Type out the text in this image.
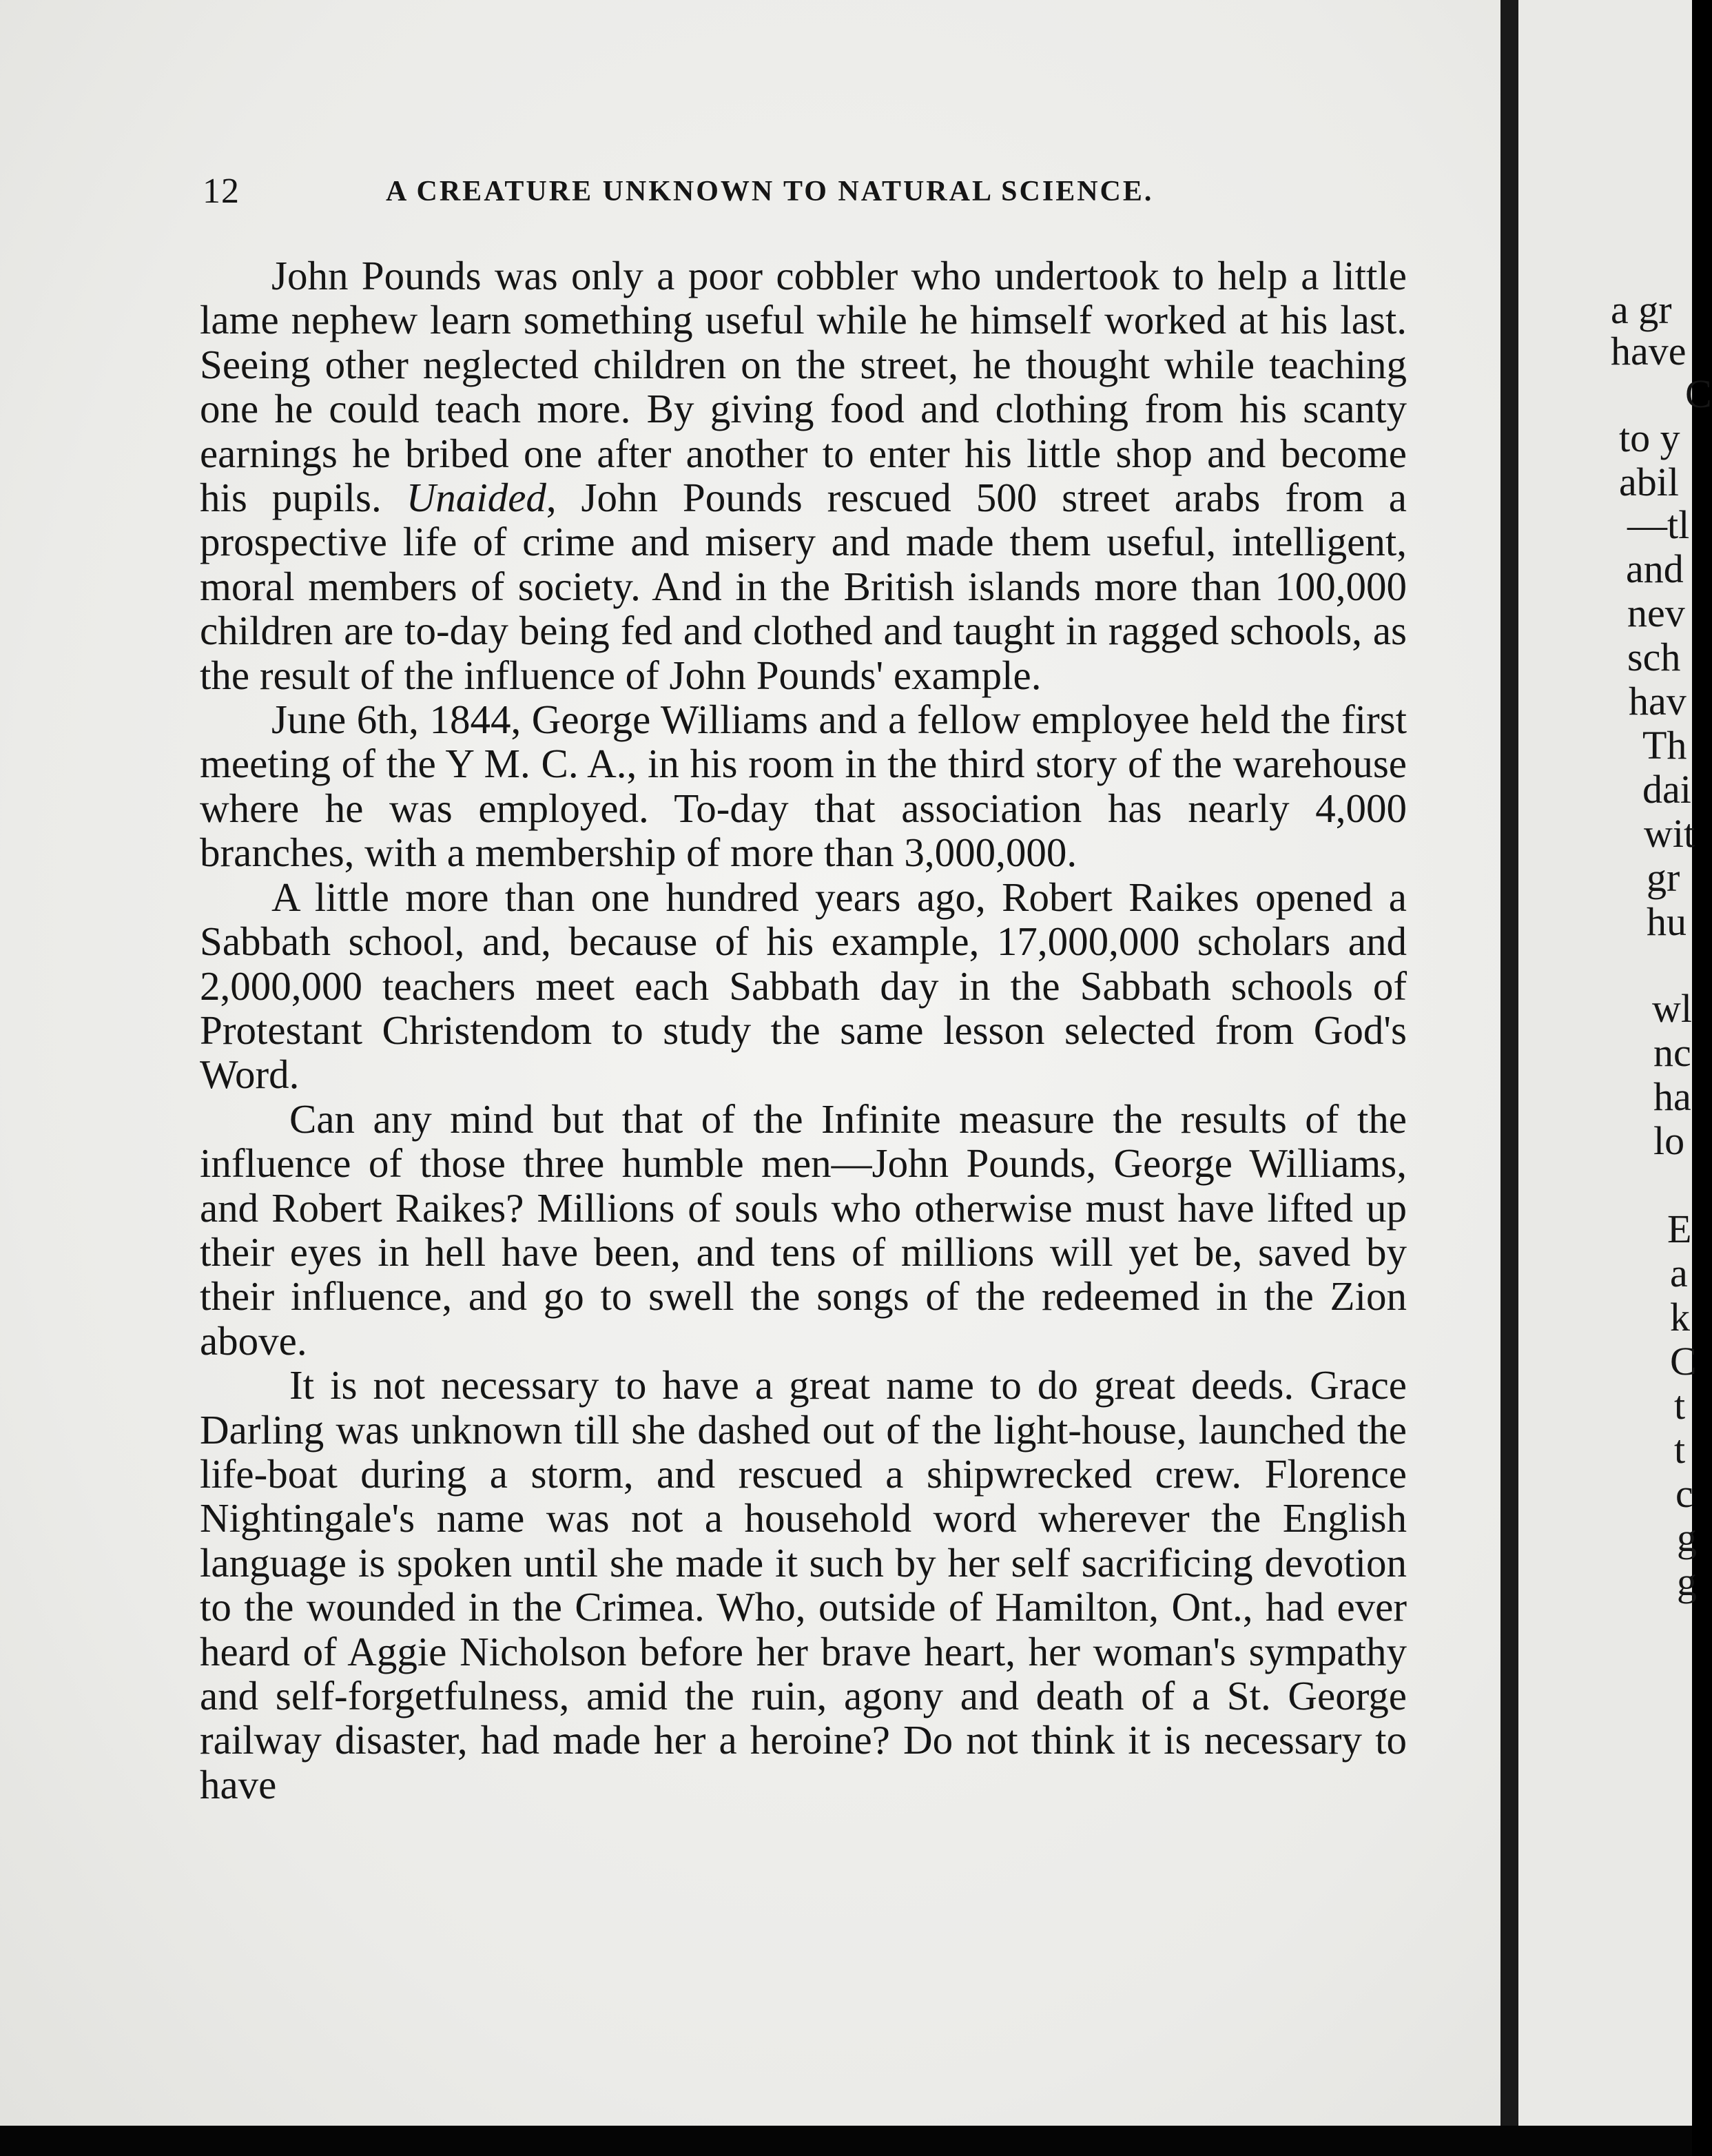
12	A CREATURE UNKNOWN TO NATURAL SCIENCE.

John Pounds was only a poor cobbler who undertook to help a little lame nephew learn something useful while he himself worked at his last. Seeing other neglected children on the street, he thought while teaching one he could teach more. By giving food and clothing from his scanty earnings he bribed one after another to enter his little shop and become his pupils. Unaided, John Pounds rescued 500 street arabs from a prospective life of crime and misery and made them useful, intelligent, moral members of society. And in the British islands more than 100,000 children are to-day being fed and clothed and taught in ragged schools, as the result of the influence of John Pounds' example.

June 6th, 1844, George Williams and a fellow employee held the first meeting of the Y M. C. A., in his room in the third story of the warehouse where he was employed. To-day that association has nearly 4,000 branches, with a membership of more than 3,000,000.

A little more than one hundred years ago, Robert Raikes opened a Sabbath school, and, because of his example, 17,000,000 scholars and 2,000,000 teachers meet each Sabbath day in the Sabbath schools of Protestant Christendom to study the same lesson selected from God's Word.

Can any mind but that of the Infinite measure the results of the influence of those three humble men—John Pounds, George Williams, and Robert Raikes? Millions of souls who otherwise must have lifted up their eyes in hell have been, and tens of millions will yet be, saved by their influence, and go to swell the songs of the redeemed in the Zion above.

It is not necessary to have a great name to do great deeds. Grace Darling was unknown till she dashed out of the light-house, launched the life-boat during a storm, and rescued a shipwrecked crew. Florence Nightingale's name was not a household word wherever the English language is spoken until she made it such by her self sacrificing devotion to the wounded in the Crimea. Who, outside of Hamilton, Ont., had ever heard of Aggie Nicholson before her brave heart, her woman's sympathy and self-forgetfulness, amid the ruin, agony and death of a St. George railway disaster, had made her a heroine? Do not think it is necessary to have

a gr
have
C
to y
abil
—tl
and
nev
sch
hav
Th
dai
wit
gr
hu
wl
nc
ha
lo
E
a
k
C
t
t
c
g
g
